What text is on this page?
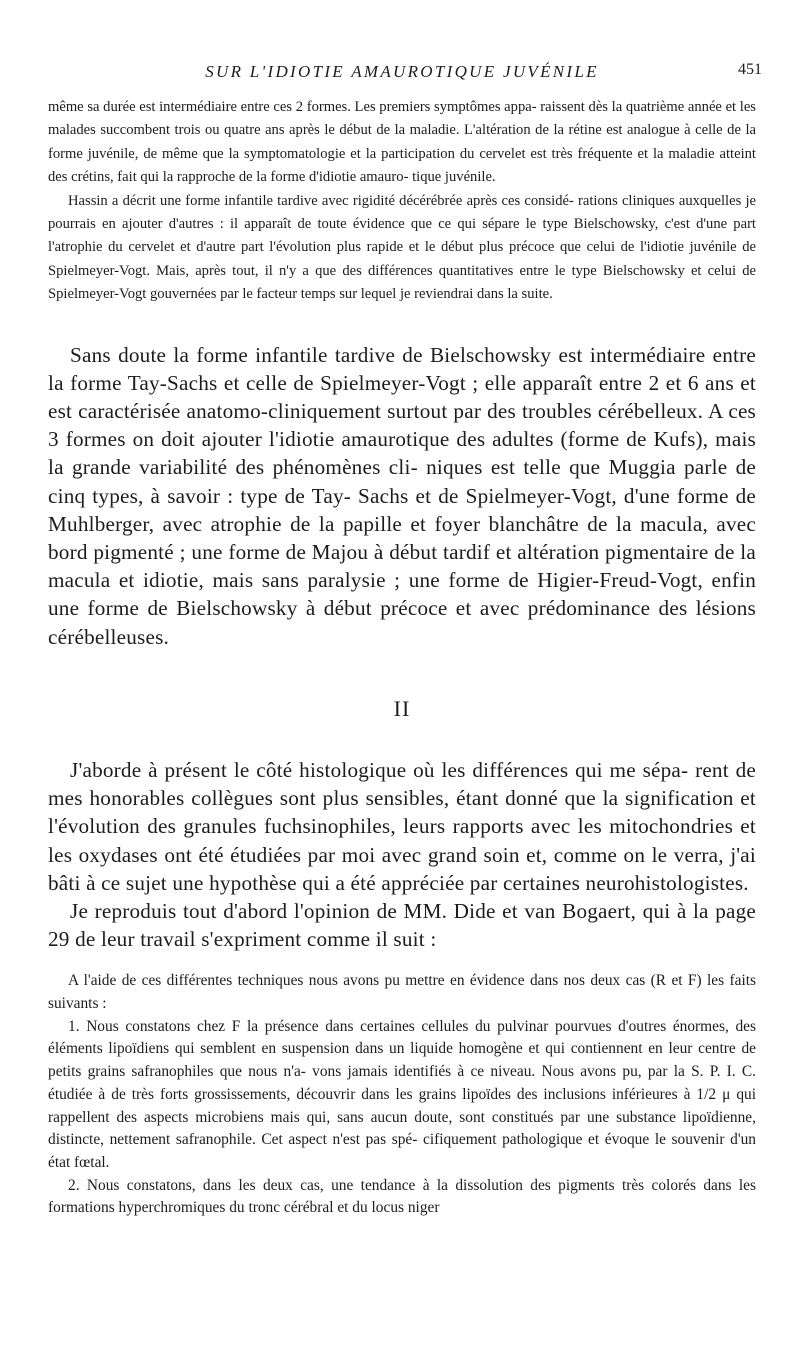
SUR L'IDIOTIE AMAUROTIQUE JUVÉNILE	451

même sa durée est intermédiaire entre ces 2 formes. Les premiers symptômes appa- raissent dès la quatrième année et les malades succombent trois ou quatre ans après le début de la maladie. L'altération de la rétine est analogue à celle de la forme juvénile, de même que la symptomatologie et la participation du cervelet est très fréquente et la maladie atteint des crétins, fait qui la rapproche de la forme d'idiotie amauro- tique juvénile.

Hassin a décrit une forme infantile tardive avec rigidité décérébrée après ces considé- rations cliniques auxquelles je pourrais en ajouter d'autres : il apparaît de toute évidence que ce qui sépare le type Bielschowsky, c'est d'une part l'atrophie du cervelet et d'autre part l'évolution plus rapide et le début plus précoce que celui de l'idiotie juvénile de Spielmeyer-Vogt. Mais, après tout, il n'y a que des différences quantitatives entre le type Bielschowsky et celui de Spielmeyer-Vogt gouvernées par le facteur temps sur lequel je reviendrai dans la suite.

Sans doute la forme infantile tardive de Bielschowsky est intermédiaire entre la forme Tay-Sachs et celle de Spielmeyer-Vogt ; elle apparaît entre 2 et 6 ans et est caractérisée anatomo-cliniquement surtout par des troubles cérébelleux. A ces 3 formes on doit ajouter l'idiotie amaurotique des adultes (forme de Kufs), mais la grande variabilité des phénomènes cli- niques est telle que Muggia parle de cinq types, à savoir : type de Tay- Sachs et de Spielmeyer-Vogt, d'une forme de Muhlberger, avec atrophie de la papille et foyer blanchâtre de la macula, avec bord pigmenté ; une forme de Majou à début tardif et altération pigmentaire de la macula et idiotie, mais sans paralysie ; une forme de Higier-Freud-Vogt, enfin une forme de Bielschowsky à début précoce et avec prédominance des lésions cérébelleuses.

II

J'aborde à présent le côté histologique où les différences qui me sépa- rent de mes honorables collègues sont plus sensibles, étant donné que la signification et l'évolution des granules fuchsinophiles, leurs rapports avec les mitochondries et les oxydases ont été étudiées par moi avec grand soin et, comme on le verra, j'ai bâti à ce sujet une hypothèse qui a été appréciée par certaines neurohistologistes.

Je reproduis tout d'abord l'opinion de MM. Dide et van Bogaert, qui à la page 29 de leur travail s'expriment comme il suit :

A l'aide de ces différentes techniques nous avons pu mettre en évidence dans nos deux cas (R et F) les faits suivants :

1. Nous constatons chez F la présence dans certaines cellules du pulvinar pourvues d'outres énormes, des éléments lipoïdiens qui semblent en suspension dans un liquide homogène et qui contiennent en leur centre de petits grains safranophiles que nous n'a- vons jamais identifiés à ce niveau. Nous avons pu, par la S. P. I. C. étudiée à de très forts grossissements, découvrir dans les grains lipoïdes des inclusions inférieures à 1/2 μ qui rappellent des aspects microbiens mais qui, sans aucun doute, sont constitués par une substance lipoïdienne, distincte, nettement safranophile. Cet aspect n'est pas spé- cifiquement pathologique et évoque le souvenir d'un état fœtal.

2. Nous constatons, dans les deux cas, une tendance à la dissolution des pigments très colorés dans les formations hyperchromiques du tronc cérébral et du locus niger
